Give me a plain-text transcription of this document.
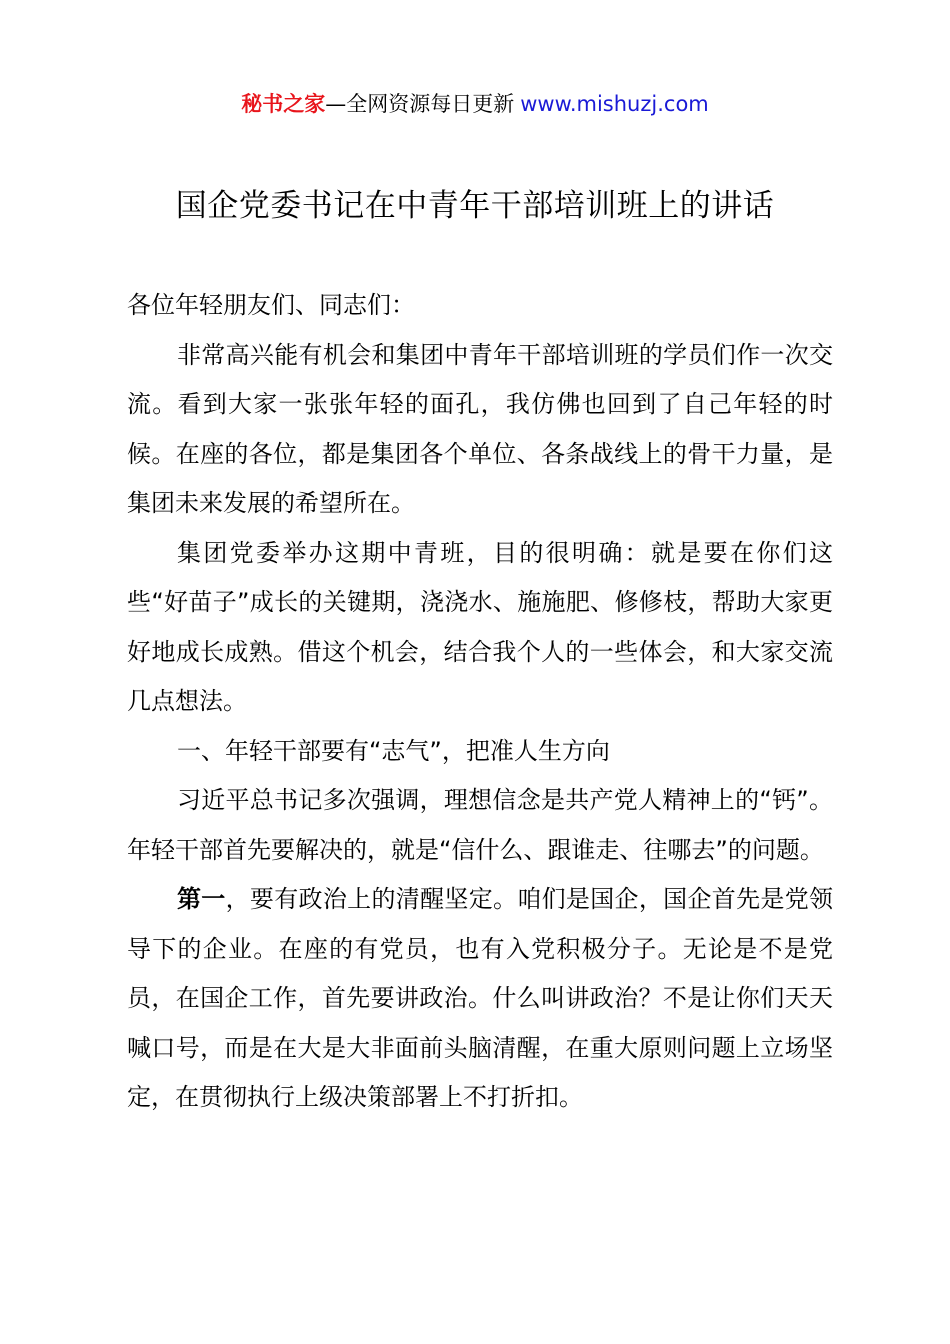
秘书之家—全网资源每日更新 www.mishuzj.com
国企党委书记在中青年干部培训班上的讲话

各位年轻朋友们、同志们：

非常高兴能有机会和集团中青年干部培训班的学员们作一次交流。看到大家一张张年轻的面孔，我仿佛也回到了自己年轻的时候。在座的各位，都是集团各个单位、各条战线上的骨干力量，是集团未来发展的希望所在。

集团党委举办这期中青班，目的很明确：就是要在你们这些“好苗子”成长的关键期，浇浇水、施施肥、修修枝，帮助大家更好地成长成熟。借这个机会，结合我个人的一些体会，和大家交流几点想法。

一、年轻干部要有“志气”，把准人生方向

习近平总书记多次强调，理想信念是共产党人精神上的“钙”。年轻干部首先要解决的，就是“信什么、跟谁走、往哪去”的问题。

第一，要有政治上的清醒坚定。咱们是国企，国企首先是党领导下的企业。在座的有党员，也有入党积极分子。无论是不是党员，在国企工作，首先要讲政治。什么叫讲政治？不是让你们天天喊口号，而是在大是大非面前头脑清醒，在重大原则问题上立场坚定，在贯彻执行上级决策部署上不打折扣。
